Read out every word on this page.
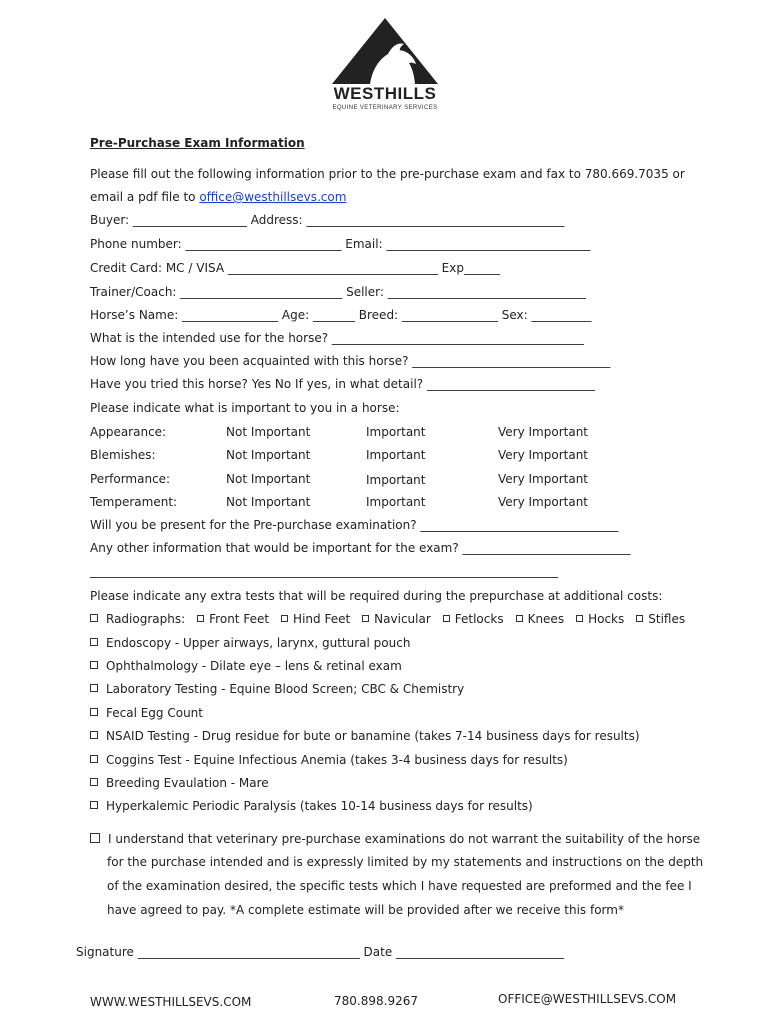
WESTHILLS
EQUINE VETERINARY SERVICES
Pre-Purchase Exam Information
Please fill out the following information prior to the pre-purchase exam and fax to 780.669.7035 or
email a pdf file to office@westhillsevs.com
Buyer: ___________________ Address: ___________________________________________
Phone number: __________________________ Email: __________________________________
Credit Card: MC / VISA ___________________________________ Exp______
Trainer/Coach: ___________________________ Seller: _________________________________
Horse’s Name: ________________ Age: _______ Breed: ________________ Sex: __________
What is the intended use for the horse? __________________________________________
How long have you been acquainted with this horse? _________________________________
Have you tried this horse? Yes No If yes, in what detail? ____________________________
Please indicate what is important to you in a horse:
Appearance:	Not Important	Important	Very Important
Blemishes:	Not Important	Important	Very Important
Performance:	Not Important	Important	Very Important
Temperament:	Not Important	Important	Very Important
Will you be present for the Pre-purchase examination? _________________________________
Any other information that would be important for the exam? ____________________________
______________________________________________________________________________
Please indicate any extra tests that will be required during the prepurchase at additional costs:
Radiographs: Front Feet Hind Feet Navicular Fetlocks Knees Hocks Stifles
Endoscopy - Upper airways, larynx, guttural pouch
Ophthalmology - Dilate eye – lens & retinal exam
Laboratory Testing - Equine Blood Screen; CBC & Chemistry
Fecal Egg Count
NSAID Testing - Drug residue for bute or banamine (takes 7-14 business days for results)
Coggins Test - Equine Infectious Anemia (takes 3-4 business days for results)
Breeding Evaulation - Mare
Hyperkalemic Periodic Paralysis (takes 10-14 business days for results)
I understand that veterinary pre-purchase examinations do not warrant the suitability of the horse
for the purchase intended and is expressly limited by my statements and instructions on the depth
of the examination desired, the specific tests which I have requested are preformed and the fee I
have agreed to pay. *A complete estimate will be provided after we receive this form*
Signature _____________________________________ Date ____________________________
WWW.WESTHILLSEVS.COM	780.898.9267	OFFICE@WESTHILLSEVS.COM
